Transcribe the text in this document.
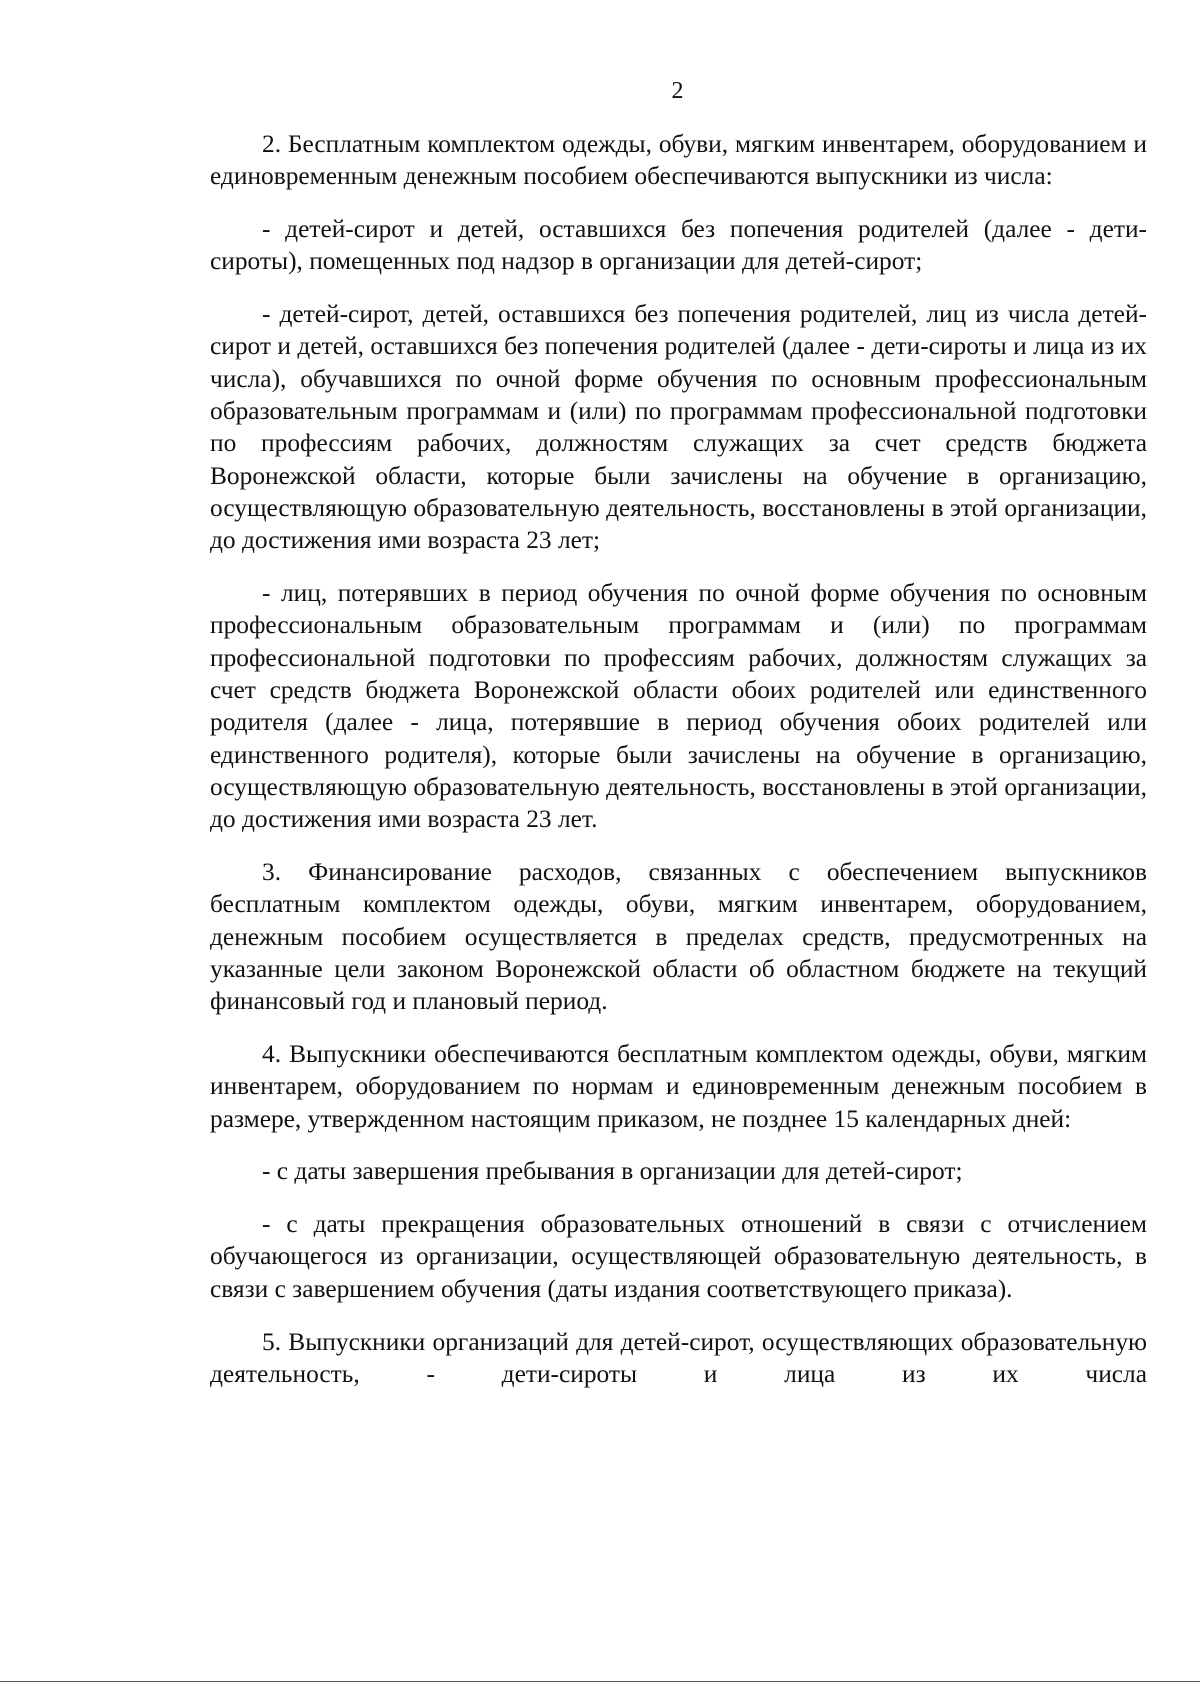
2

2. Бесплатным комплектом одежды, обуви, мягким инвентарем, оборудованием и единовременным денежным пособием обеспечиваются выпускники из числа:

- детей-сирот и детей, оставшихся без попечения родителей (далее - дети-сироты), помещенных под надзор в организации для детей-сирот;

- детей-сирот, детей, оставшихся без попечения родителей, лиц из числа детей-сирот и детей, оставшихся без попечения родителей (далее - дети-сироты и лица из их числа), обучавшихся по очной форме обучения по основным профессиональным образовательным программам и (или) по программам профессиональной подготовки по профессиям рабочих, должностям служащих за счет средств бюджета Воронежской области, которые были зачислены на обучение в организацию, осуществляющую образовательную деятельность, восстановлены в этой организации, до достижения ими возраста 23 лет;

- лиц, потерявших в период обучения по очной форме обучения по основным профессиональным образовательным программам и (или) по программам профессиональной подготовки по профессиям рабочих, должностям служащих за счет средств бюджета Воронежской области обоих родителей или единственного родителя (далее - лица, потерявшие в период обучения обоих родителей или единственного родителя), которые были зачислены на обучение в организацию, осуществляющую образовательную деятельность, восстановлены в этой организации, до достижения ими возраста 23 лет.

3. Финансирование расходов, связанных с обеспечением выпускников бесплатным комплектом одежды, обуви, мягким инвентарем, оборудованием, денежным пособием осуществляется в пределах средств, предусмотренных на указанные цели законом Воронежской области об областном бюджете на текущий финансовый год и плановый период.

4. Выпускники обеспечиваются бесплатным комплектом одежды, обуви, мягким инвентарем, оборудованием по нормам и единовременным денежным пособием в размере, утвержденном настоящим приказом, не позднее 15 календарных дней:

- с даты завершения пребывания в организации для детей-сирот;

- с даты прекращения образовательных отношений в связи с отчислением обучающегося из организации, осуществляющей образовательную деятельность, в связи с завершением обучения (даты издания соответствующего приказа).

5. Выпускники организаций для детей-сирот, осуществляющих образовательную деятельность, - дети-сироты и лица из их числа
